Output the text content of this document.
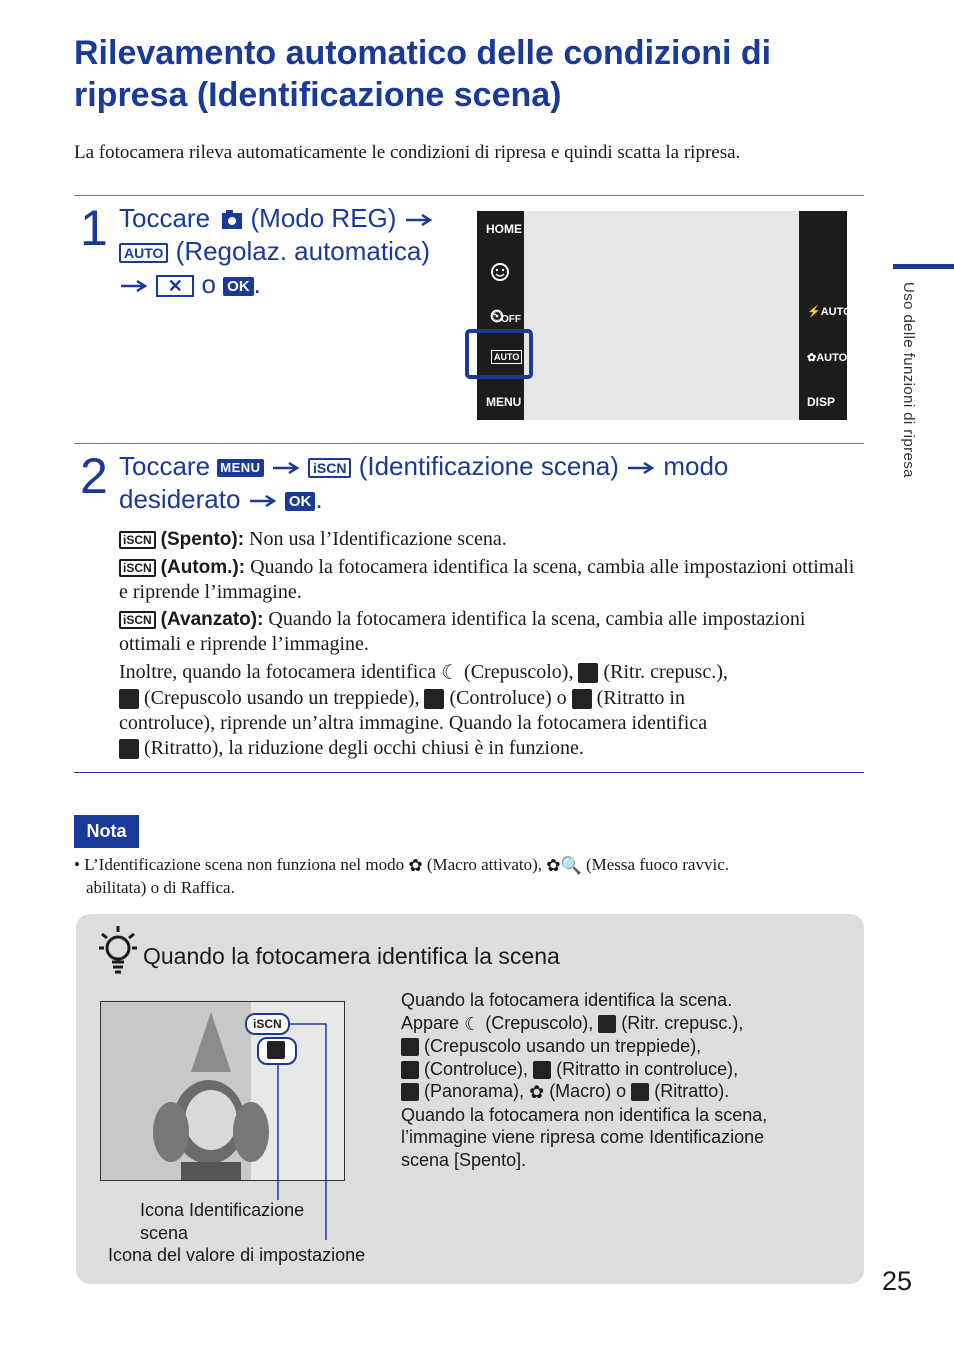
Rilevamento automatico delle condizioni di ripresa (Identificazione scena)
La fotocamera rileva automaticamente le condizioni di ripresa e quindi scatta la ripresa.
1 Toccare (Modo REG)
AUTO (Regolaz. automatica)
✕ o OK .
HOME
⏲
OFF
AUTO
MENU
⚡AUTO
✿AUTO
DISP
2 Toccare MENU	iSCN (Identificazione scena) modo
desiderato	OK .
iSCN (Spento): Non usa l’Identificazione scena.
iSCN (Autom.): Quando la fotocamera identifica la scena, cambia alle impostazioni ottimali e riprende l’immagine.
iSCN (Avanzato): Quando la fotocamera identifica la scena, cambia alle impostazioni ottimali e riprende l’immagine.
Inoltre, quando la fotocamera identifica ☾ (Crepuscolo), (Ritr. crepusc.),
(Crepuscolo usando un treppiede), (Controluce) o (Ritratto in
controluce), riprende un’altra immagine. Quando la fotocamera identifica
(Ritratto), la riduzione degli occhi chiusi è in funzione.
Nota
• L’Identificazione scena non funziona nel modo ✿ (Macro attivato), ✿🔍 (Messa fuoco ravvic.
abilitata) o di Raffica.
Quando la fotocamera identifica la scena
iSCN
Icona Identificazione
scena
Icona del valore di impostazione
Quando la fotocamera identifica la scena.
Appare ☾ (Crepuscolo), (Ritr. crepusc.),
(Crepuscolo usando un treppiede),
(Controluce), (Ritratto in controluce),
(Panorama), ✿ (Macro) o (Ritratto).
Quando la fotocamera non identifica la scena,
l’immagine viene ripresa come Identificazione
scena [Spento].
Uso delle funzioni di ripresa
25
